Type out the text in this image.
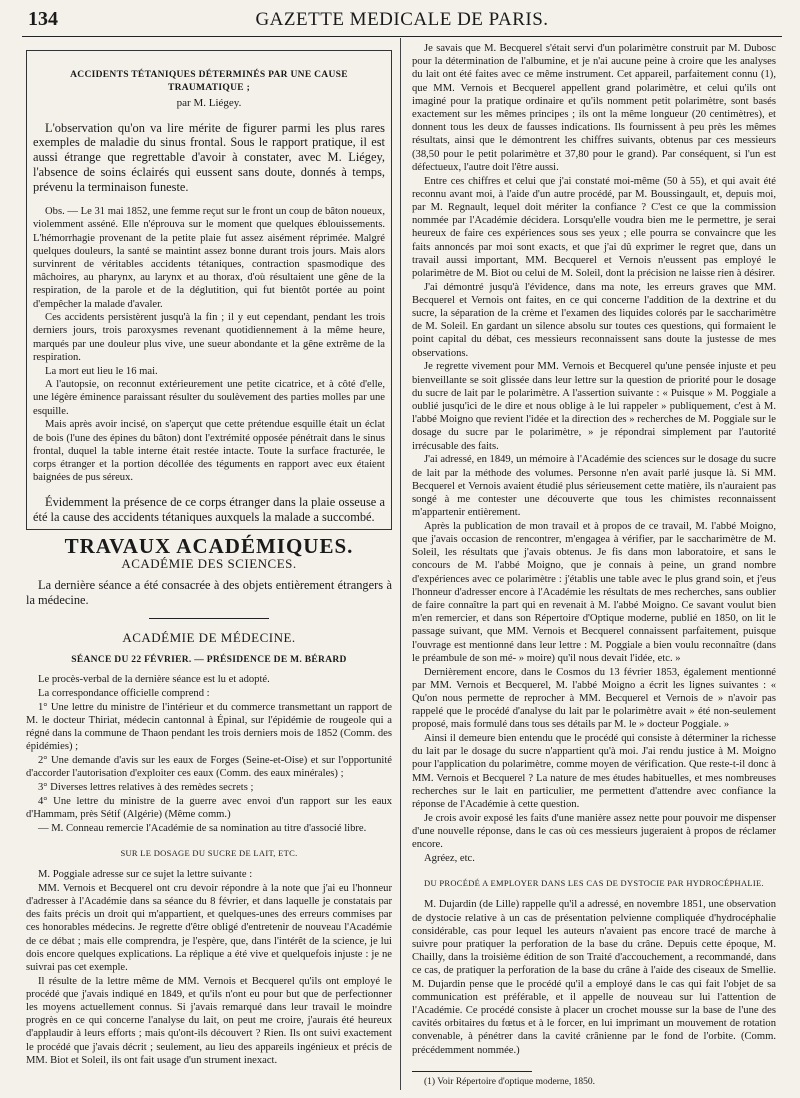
134	GAZETTE MEDICALE DE PARIS.
ACCIDENTS TÉTANIQUES DÉTERMINÉS PAR UNE CAUSE TRAUMATIQUE ;
par M. Liégey.

L'observation qu'on va lire mérite de figurer parmi les plus rares exemples de maladie du sinus frontal. Sous le rapport pratique, il est aussi étrange que regrettable d'avoir à constater, avec M. Liégey, l'absence de soins éclairés qui eussent sans doute, donnés à temps, prévenu la terminaison funeste.

Obs. — Le 31 mai 1852, une femme reçut sur le front un coup de bâton noueux, violemment asséné. Elle n'éprouva sur le moment que quelques éblouissements. L'hémorrhagie provenant de la petite plaie fut assez aisément réprimée. Malgré quelques douleurs, la santé se maintint assez bonne durant trois jours. Mais alors survinrent de véritables accidents tétaniques, contraction spasmodique des mâchoires, au pharynx, au larynx et au thorax, d'où résultaient une gêne de la respiration, de la parole et de la déglutition, qui fut bientôt portée au point d'empêcher la malade d'avaler.

Ces accidents persistèrent jusqu'à la fin ; il y eut cependant, pendant les trois derniers jours, trois paroxysmes revenant quotidiennement à la même heure, marqués par une douleur plus vive, une sueur abondante et la gêne extrême de la respiration.

La mort eut lieu le 16 mai.

A l'autopsie, on reconnut extérieurement une petite cicatrice, et à côté d'elle, une légère éminence paraissant résulter du soulèvement des parties molles par une esquille.

Mais après avoir incisé, on s'aperçut que cette prétendue esquille était un éclat de bois (l'une des épines du bâton) dont l'extrémité opposée pénétrait dans le sinus frontal, duquel la table interne était restée intacte. Toute la surface fracturée, le corps étranger et la portion décollée des téguments en rapport avec eux étaient baignées de pus séreux.

Évidemment la présence de ce corps étranger dans la plaie osseuse a été la cause des accidents tétaniques auxquels la malade a succombé.

TRAVAUX ACADÉMIQUES.
ACADÉMIE DES SCIENCES.

La dernière séance a été consacrée à des objets entièrement étrangers à la médecine.

ACADÉMIE DE MÉDECINE.
SÉANCE DU 22 FÉVRIER. — PRÉSIDENCE DE M. BÉRARD

Le procès-verbal de la dernière séance est lu et adopté.

La correspondance officielle comprend :

1° Une lettre du ministre de l'intérieur et du commerce transmettant un rapport de M. le docteur Thiriat, médecin cantonnal à Épinal, sur l'épidémie de rougeole qui a régné dans la commune de Thaon pendant les trois derniers mois de 1852 (Comm. des épidémies) ;

2° Une demande d'avis sur les eaux de Forges (Seine-et-Oise) et sur l'opportunité d'accorder l'autorisation d'exploiter ces eaux (Comm. des eaux minérales) ;

3° Diverses lettres relatives à des remèdes secrets ;

4° Une lettre du ministre de la guerre avec envoi d'un rapport sur les eaux d'Hammam, près Sétif (Algérie) (Même comm.)

— M. Conneau remercie l'Académie de sa nomination au titre d'associé libre.

SUR LE DOSAGE DU SUCRE DE LAIT, ETC.

M. Poggiale adresse sur ce sujet la lettre suivante :

MM. Vernois et Becquerel ont cru devoir répondre à la note que j'ai eu l'honneur d'adresser à l'Académie dans sa séance du 8 février, et dans laquelle je constatais par des faits précis un droit qui m'appartient, et quelques-unes des erreurs commises par ces honorables médecins. Je regrette d'être obligé d'entretenir de nouveau l'Académie de ce débat ; mais elle comprendra, je l'espère, que, dans l'intérêt de la science, je lui dois encore quelques explications. La réplique a été vive et quelquefois injuste : je ne suivrai pas cet exemple.

Il résulte de la lettre même de MM. Vernois et Becquerel qu'ils ont employé le procédé que j'avais indiqué en 1849, et qu'ils n'ont eu pour but que de perfectionner les moyens actuellement connus. Si j'avais remarqué dans leur travail le moindre progrès en ce qui concerne l'analyse du lait, on peut me croire, j'aurais été heureux d'applaudir à leurs efforts ; mais qu'ont-ils découvert ? Rien. Ils ont suivi exactement le procédé que j'avais décrit ; seulement, au lieu des appareils ingénieux et précis de MM. Biot et Soleil, ils ont fait usage d'un strument inexact.

Je savais que M. Becquerel s'était servi d'un polarimètre construit par M. Dubosc pour la détermination de l'albumine, et je n'ai aucune peine à croire que les analyses du lait ont été faites avec ce même instrument. Cet appareil, parfaitement connu (1), que MM. Vernois et Becquerel appellent grand polarimètre, et celui qu'ils ont imaginé pour la pratique ordinaire et qu'ils nomment petit polarimètre, sont basés exactement sur les mêmes principes ; ils ont la même longueur (20 centimètres), et donnent tous les deux de fausses indications. Ils fournissent à peu près les mêmes résultats, ainsi que le démontrent les chiffres suivants, obtenus par ces messieurs (38,50 pour le petit polarimètre et 37,80 pour le grand). Par conséquent, si l'un est défectueux, l'autre doit l'être aussi.

Entre ces chiffres et celui que j'ai constaté moi-même (50 à 55), et qui avait été reconnu avant moi, à l'aide d'un autre procédé, par M. Boussingault, et, depuis moi, par M. Regnault, lequel doit mériter la confiance ? C'est ce que la commission nommée par l'Académie décidera. Lorsqu'elle voudra bien me le permettre, je serai heureux de faire ces expériences sous ses yeux ; elle pourra se convaincre que les faits annoncés par moi sont exacts, et que j'ai dû exprimer le regret que, dans un travail aussi important, MM. Becquerel et Vernois n'eussent pas employé le polarimètre de M. Biot ou celui de M. Soleil, dont la précision ne laisse rien à désirer.

J'ai démontré jusqu'à l'évidence, dans ma note, les erreurs graves que MM. Becquerel et Vernois ont faites, en ce qui concerne l'addition de la dextrine et du sucre, la séparation de la crème et l'examen des liquides colorés par le saccharimètre de M. Soleil. En gardant un silence absolu sur toutes ces questions, qui formaient le point capital du débat, ces messieurs reconnaissent sans doute la justesse de mes observations.

Je regrette vivement pour MM. Vernois et Becquerel qu'une pensée injuste et peu bienveillante se soit glissée dans leur lettre sur la question de priorité pour le dosage du sucre de lait par le polarimètre. A l'assertion suivante : « Puisque » M. Poggiale a oublié jusqu'ici de le dire et nous oblige à le lui rappeler » publiquement, c'est à M. l'abbé Moigno que revient l'idée et la direction des » recherches de M. Poggiale sur le dosage du sucre par le polarimètre, » je répondrai simplement par l'autorité irrécusable des faits.

J'ai adressé, en 1849, un mémoire à l'Académie des sciences sur le dosage du sucre de lait par la méthode des volumes. Personne n'en avait parlé jusque là. Si MM. Becquerel et Vernois avaient étudié plus sérieusement cette matière, ils n'auraient pas songé à me contester une découverte que tous les chimistes reconnaissent m'appartenir entièrement.

Après la publication de mon travail et à propos de ce travail, M. l'abbé Moigno, que j'avais occasion de rencontrer, m'engagea à vérifier, par le saccharimètre de M. Soleil, les résultats que j'avais obtenus. Je fis dans mon laboratoire, et sans le concours de M. l'abbé Moigno, que je connais à peine, un grand nombre d'expériences avec ce polarimètre : j'établis une table avec le plus grand soin, et j'eus l'honneur d'adresser encore à l'Académie les résultats de mes recherches, sans oublier de faire connaître la part qui en revenait à M. l'abbé Moigno. Ce savant voulut bien m'en remercier, et dans son Répertoire d'Optique moderne, publié en 1850, on lit le passage suivant, que MM. Vernois et Becquerel connaissent parfaitement, puisque l'ouvrage est mentionné dans leur lettre : M. Poggiale a bien voulu reconnaître (dans le préambule de son mé- » moire) qu'il nous devait l'idée, etc. »

Dernièrement encore, dans le Cosmos du 13 février 1853, également mentionné par MM. Vernois et Becquerel, M. l'abbé Moigno a écrit les lignes suivantes : « Qu'on nous permette de reprocher à MM. Becquerel et Vernois de » n'avoir pas rappelé que le procédé d'analyse du lait par le polarimètre avait » été non-seulement proposé, mais formulé dans tous ses détails par M. le » docteur Poggiale. »

Ainsi il demeure bien entendu que le procédé qui consiste à déterminer la richesse du lait par le dosage du sucre n'appartient qu'à moi. J'ai rendu justice à M. Moigno pour l'application du polarimètre, comme moyen de vérification. Que reste-t-il donc à MM. Vernois et Becquerel ? La nature de mes études habituelles, et mes nombreuses recherches sur le lait en particulier, me permettent d'attendre avec confiance la réponse de l'Académie à cette question.

Je crois avoir exposé les faits d'une manière assez nette pour pouvoir me dispenser d'une nouvelle réponse, dans le cas où ces messieurs jugeraient à propos de réclamer encore.

Agréez, etc.

DU PROCÉDÉ A EMPLOYER DANS LES CAS DE DYSTOCIE PAR HYDROCÉPHALIE.

M. Dujardin (de Lille) rappelle qu'il a adressé, en novembre 1851, une observation de dystocie relative à un cas de présentation pelvienne compliquée d'hydrocéphalie considérable, cas pour lequel les auteurs n'avaient pas encore tracé de marche à suivre pour pratiquer la perforation de la base du crâne. Depuis cette époque, M. Chailly, dans la troisième édition de son Traité d'accouchement, a recommandé, dans ce cas, de pratiquer la perforation de la base du crâne à l'aide des ciseaux de Smellie. M. Dujardin pense que le procédé qu'il a employé dans le cas qui fait l'objet de sa communication est préférable, et il appelle de nouveau sur lui l'attention de l'Académie. Ce procédé consiste à placer un crochet mousse sur la base de l'une des cavités orbitaires du fœtus et à le forcer, en lui imprimant un mouvement de rotation convenable, à pénétrer dans la cavité crânienne par le fond de l'orbite. (Comm. précédemment nommée.)

(1) Voir Répertoire d'optique moderne, 1850.
